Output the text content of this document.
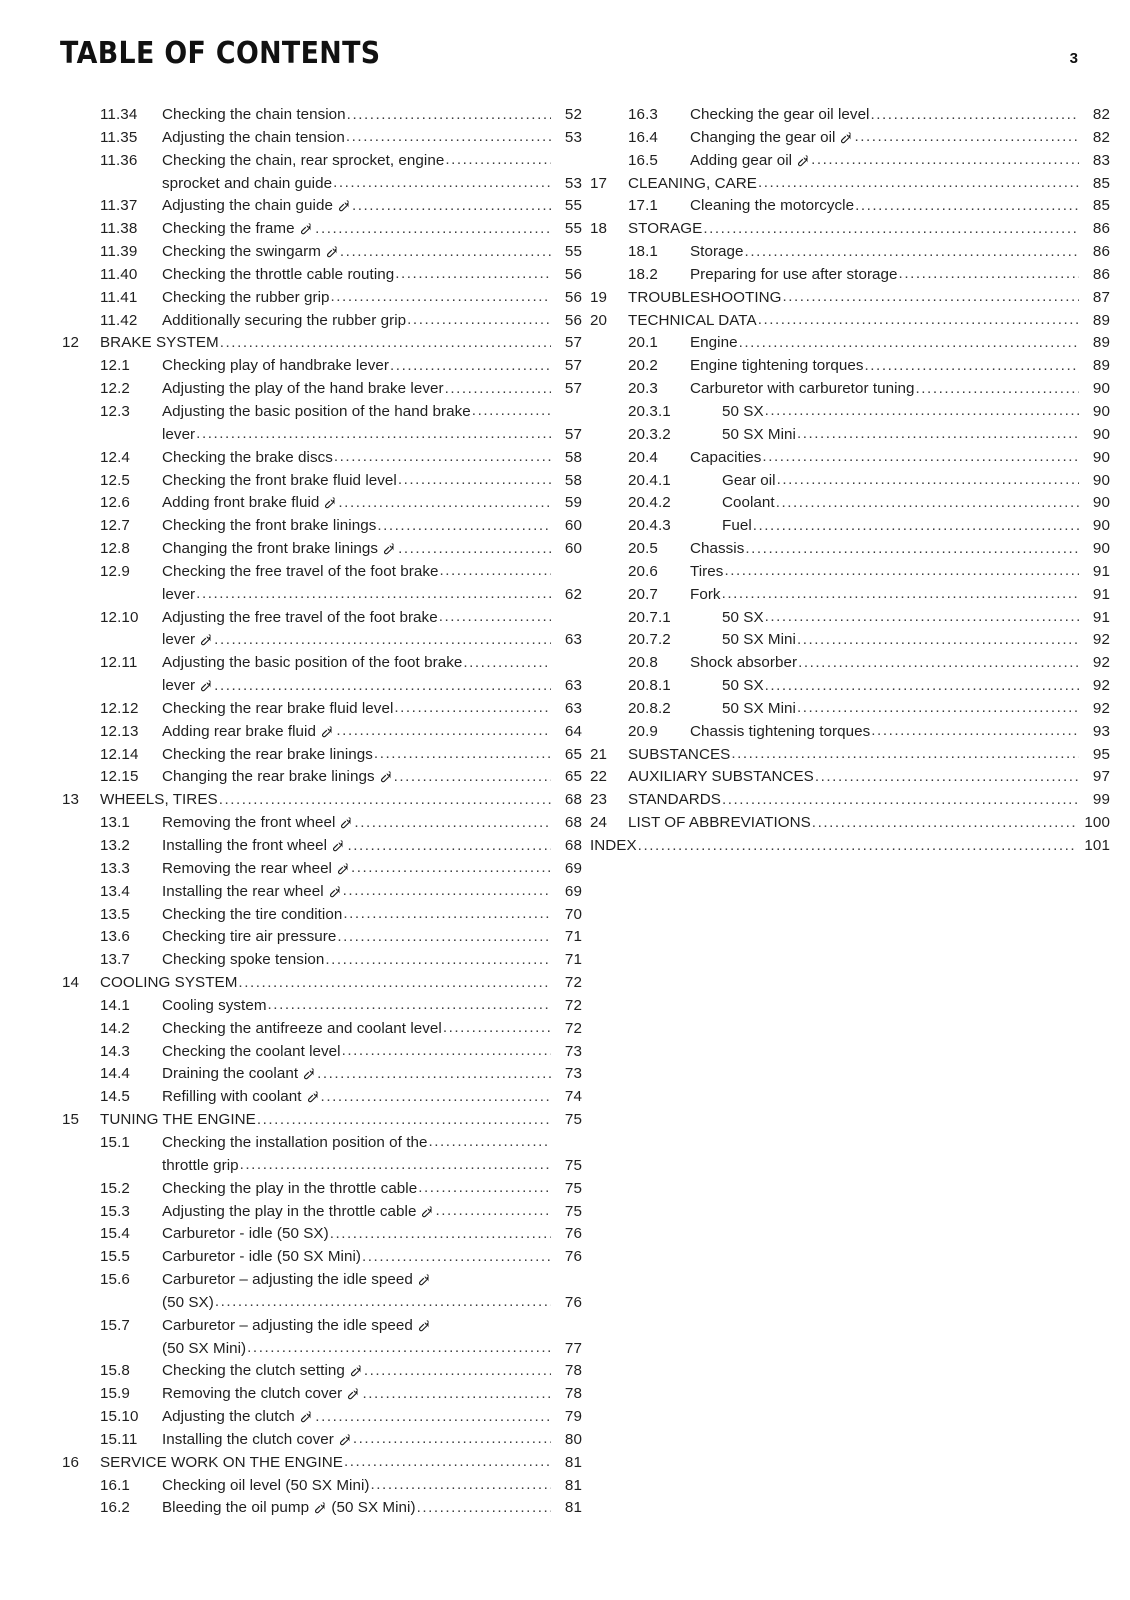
TABLE OF CONTENTS	3
11.34	Checking the chain tension .....	52
11.35	Adjusting the chain tension .....	53
11.36	Checking the chain, rear sprocket, engine
.....
sprocket and chain guide .....	53
11.37	Adjusting the chain guide .....	55
11.38	Checking the frame .....	55
11.39	Checking the swingarm .....	55
11.40	Checking the throttle cable routing .....	56
11.41	Checking the rubber grip .....	56
11.42	Additionally securing the rubber grip .....	56
12	BRAKE SYSTEM .....	57
12.1	Checking play of handbrake lever .....	57
12.2	Adjusting the play of the hand brake lever .....	57
12.3	Adjusting the basic position of the hand brake
.....
lever .....	57
12.4	Checking the brake discs .....	58
12.5	Checking the front brake fluid level .....	58
12.6	Adding front brake fluid .....	59
12.7	Checking the front brake linings .....	60
12.8	Changing the front brake linings .....	60
12.9	Checking the free travel of the foot brake
.....
lever .....	62
12.10	Adjusting the free travel of the foot brake
.....
lever .....	63
12.11	Adjusting the basic position of the foot brake
.....
lever .....	63
12.12	Checking the rear brake fluid level .....	63
12.13	Adding rear brake fluid .....	64
12.14	Checking the rear brake linings .....	65
12.15	Changing the rear brake linings .....	65
13	WHEELS, TIRES .....	68
13.1	Removing the front wheel .....	68
13.2	Installing the front wheel .....	68
13.3	Removing the rear wheel .....	69
13.4	Installing the rear wheel .....	69
13.5	Checking the tire condition .....	70
13.6	Checking tire air pressure .....	71
13.7	Checking spoke tension .....	71
14	COOLING SYSTEM .....	72
14.1	Cooling system .....	72
14.2	Checking the antifreeze and coolant level .....	72
14.3	Checking the coolant level .....	73
14.4	Draining the coolant .....	73
14.5	Refilling with coolant .....	74
15	TUNING THE ENGINE .....	75
15.1	Checking the installation position of the
.....
throttle grip .....	75
15.2	Checking the play in the throttle cable .....	75
15.3	Adjusting the play in the throttle cable .....	75
15.4	Carburetor - idle (50 SX) .....	76
15.5	Carburetor - idle (50 SX Mini) .....	76
15.6	Carburetor – adjusting the idle speed
(50 SX) .....	76
15.7	Carburetor – adjusting the idle speed
(50 SX Mini) .....	77
15.8	Checking the clutch setting .....	78
15.9	Removing the clutch cover .....	78
15.10	Adjusting the clutch .....	79
15.11	Installing the clutch cover .....	80
16	SERVICE WORK ON THE ENGINE .....	81
16.1	Checking oil level (50 SX Mini) .....	81
16.2	Bleeding the oil pump (50 SX Mini) .....	81
16.3	Checking the gear oil level .....	82
16.4	Changing the gear oil .....	82
16.5	Adding gear oil .....	83
17	CLEANING, CARE .....	85
17.1	Cleaning the motorcycle .....	85
18	STORAGE .....	86
18.1	Storage .....	86
18.2	Preparing for use after storage .....	86
19	TROUBLESHOOTING .....	87
20	TECHNICAL DATA .....	89
20.1	Engine .....	89
20.2	Engine tightening torques .....	89
20.3	Carburetor with carburetor tuning .....	90
20.3.1	50 SX .....	90
20.3.2	50 SX Mini .....	90
20.4	Capacities .....	90
20.4.1	Gear oil .....	90
20.4.2	Coolant .....	90
20.4.3	Fuel .....	90
20.5	Chassis .....	90
20.6	Tires .....	91
20.7	Fork .....	91
20.7.1	50 SX .....	91
20.7.2	50 SX Mini .....	92
20.8	Shock absorber .....	92
20.8.1	50 SX .....	92
20.8.2	50 SX Mini .....	92
20.9	Chassis tightening torques .....	93
21	SUBSTANCES .....	95
22	AUXILIARY SUBSTANCES .....	97
23	STANDARDS .....	99
24	LIST OF ABBREVIATIONS .....	100
INDEX .....	101
